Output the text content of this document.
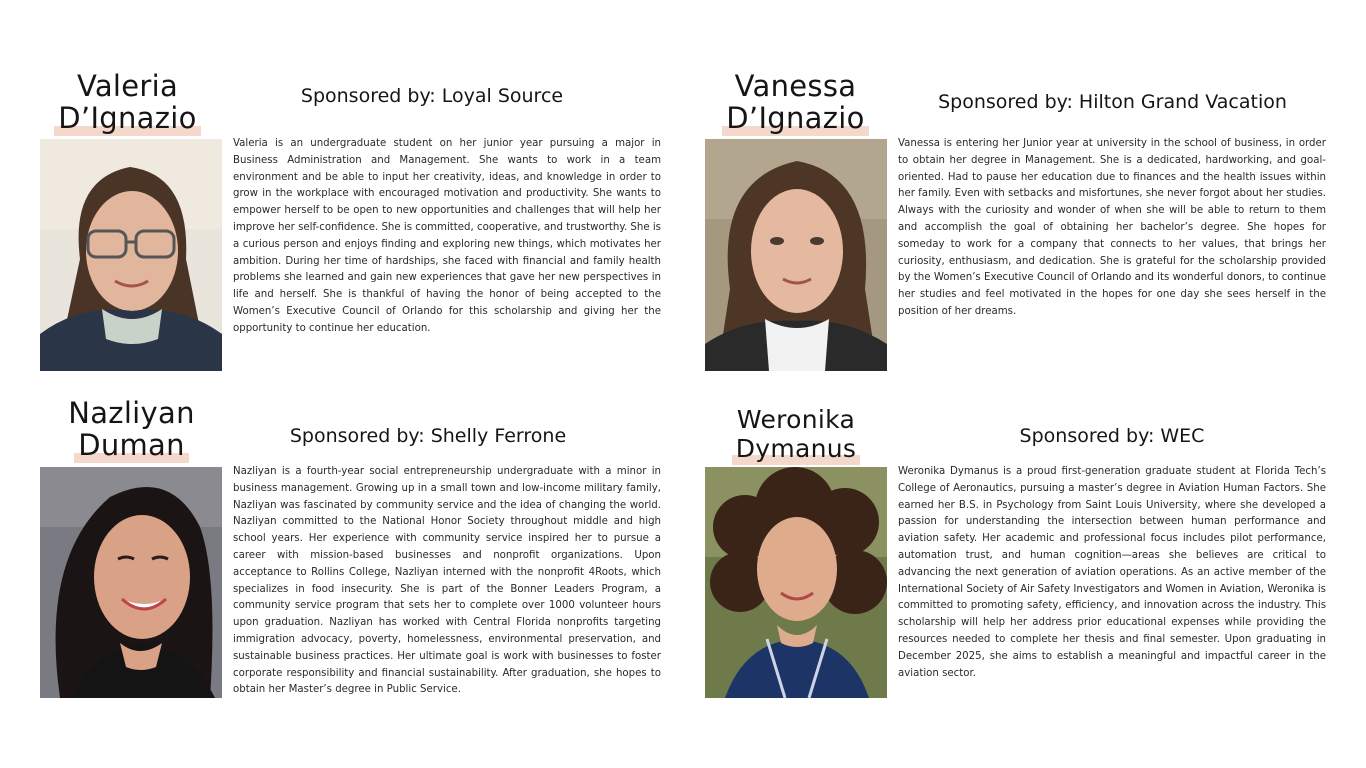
Valeria
D’Ignazio
Sponsored by: Loyal Source

Valeria is an undergraduate student on her junior year pursuing a major in Business Administration and Management. She wants to work in a team environment and be able to input her creativity, ideas, and knowledge in order to grow in the workplace with encouraged motivation and productivity. She wants to empower herself to be open to new opportunities and challenges that will help her improve her self-confidence. She is committed, cooperative, and trustworthy. She is a curious person and enjoys finding and exploring new things, which motivates her ambition. During her time of hardships, she faced with financial and family health problems she learned and gain new experiences that gave her new perspectives in life and herself. She is thankful of having the honor of being accepted to the Women’s Executive Council of Orlando for this scholarship and giving her the opportunity to continue her education.

Vanessa
D’Ignazio	Sponsored by: Hilton Grand Vacation

Vanessa is entering her Junior year at university in the school of business, in order to obtain her degree in Management. She is a dedicated, hardworking, and goal-oriented. Had to pause her education due to finances and the health issues within her family. Even with setbacks and misfortunes, she never forgot about her studies. Always with the curiosity and wonder of when she will be able to return to them and accomplish the goal of obtaining her bachelor’s degree. She hopes for someday to work for a company that connects to her values, that brings her curiosity, enthusiasm, and dedication. She is grateful for the scholarship provided by the Women’s Executive Council of Orlando and its wonderful donors, to continue her studies and feel motivated in the hopes for one day she sees herself in the position of her dreams.

Nazliyan
Duman	Sponsored by: Shelly Ferrone

Nazliyan is a fourth-year social entrepreneurship undergraduate with a minor in business management. Growing up in a small town and low-income military family, Nazliyan was fascinated by community service and the idea of changing the world. Nazliyan committed to the National Honor Society throughout middle and high school years. Her experience with community service inspired her to pursue a career with mission-based businesses and nonprofit organizations. Upon acceptance to Rollins College, Nazliyan interned with the nonprofit 4Roots, which specializes in food insecurity. She is part of the Bonner Leaders Program, a community service program that sets her to complete over 1000 volunteer hours upon graduation. Nazliyan has worked with Central Florida nonprofits targeting immigration advocacy, poverty, homelessness, environmental preservation, and sustainable business practices. Her ultimate goal is work with businesses to foster corporate responsibility and financial sustainability. After graduation, she hopes to obtain her Master’s degree in Public Service.

Weronika
Dymanus	Sponsored by: WEC

Weronika Dymanus is a proud first-generation graduate student at Florida Tech’s College of Aeronautics, pursuing a master’s degree in Aviation Human Factors. She earned her B.S. in Psychology from Saint Louis University, where she developed a passion for understanding the intersection between human performance and aviation safety. Her academic and professional focus includes pilot performance, automation trust, and human cognition—areas she believes are critical to advancing the next generation of aviation operations. As an active member of the International Society of Air Safety Investigators and Women in Aviation, Weronika is committed to promoting safety, efficiency, and innovation across the industry. This scholarship will help her address prior educational expenses while providing the resources needed to complete her thesis and final semester. Upon graduating in December 2025, she aims to establish a meaningful and impactful career in the aviation sector.
